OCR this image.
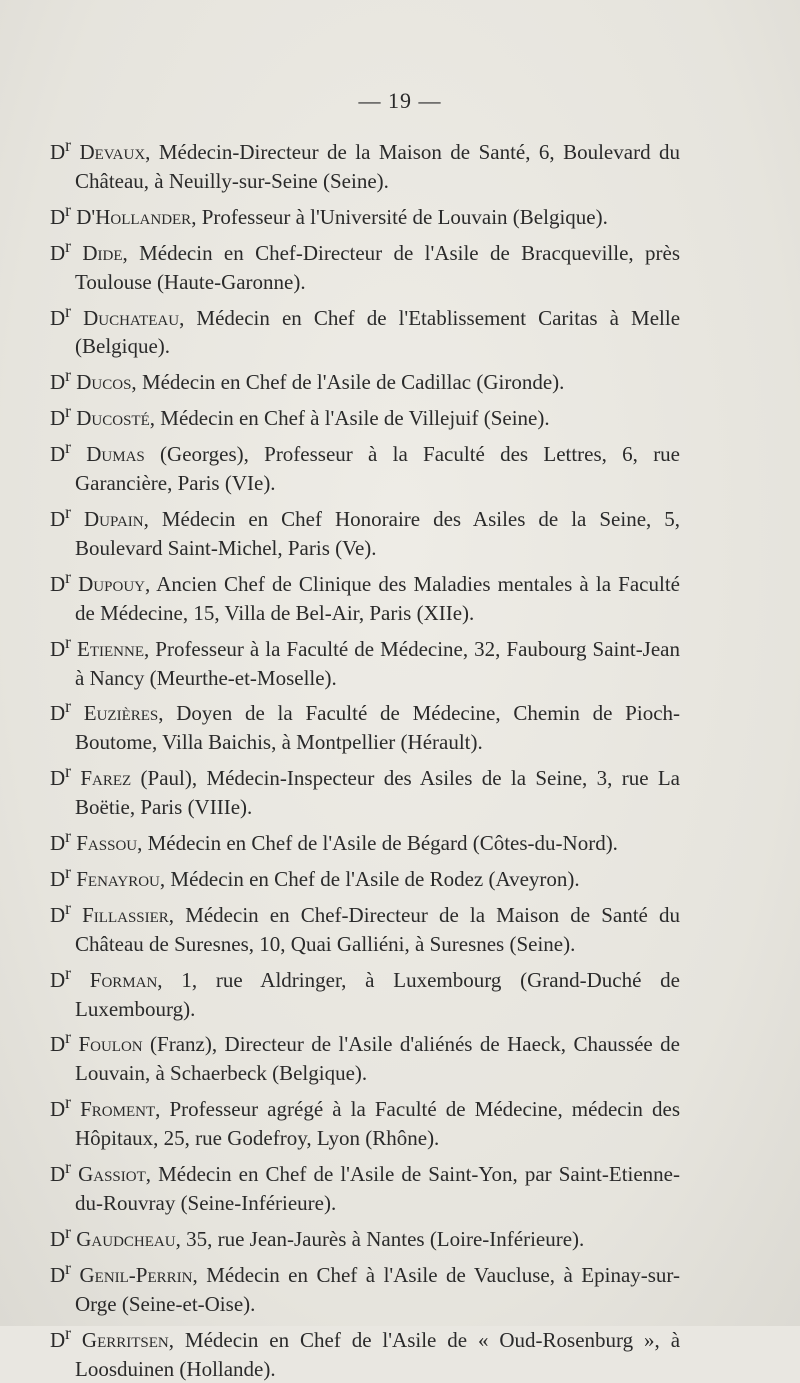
— 19 —
$D^r$ Devaux, Médecin-Directeur de la Maison de Santé, 6, Boulevard du Château, à Neuilly-sur-Seine (Seine).
$D^r$ D'Hollander, Professeur à l'Université de Louvain (Belgique).
$D^r$ Dide, Médecin en Chef-Directeur de l'Asile de Bracqueville, près Toulouse (Haute-Garonne).
$D^r$ Duchateau, Médecin en Chef de l'Etablissement Caritas à Melle (Belgique).
$D^r$ Ducos, Médecin en Chef de l'Asile de Cadillac (Gironde).
$D^r$ Ducosté, Médecin en Chef à l'Asile de Villejuif (Seine).
$D^r$ Dumas (Georges), Professeur à la Faculté des Lettres, 6, rue Garancière, Paris (VIe).
$D^r$ Dupain, Médecin en Chef Honoraire des Asiles de la Seine, 5, Boulevard Saint-Michel, Paris (Ve).
$D^r$ Dupouy, Ancien Chef de Clinique des Maladies mentales à la Faculté de Médecine, 15, Villa de Bel-Air, Paris (XIIe).
$D^r$ Etienne, Professeur à la Faculté de Médecine, 32, Faubourg Saint-Jean à Nancy (Meurthe-et-Moselle).
$D^r$ Euzières, Doyen de la Faculté de Médecine, Chemin de Pioch-Boutome, Villa Baichis, à Montpellier (Hérault).
$D^r$ Farez (Paul), Médecin-Inspecteur des Asiles de la Seine, 3, rue La Boëtie, Paris (VIIIe).
$D^r$ Fassou, Médecin en Chef de l'Asile de Bégard (Côtes-du-Nord).
$D^r$ Fenayrou, Médecin en Chef de l'Asile de Rodez (Aveyron).
$D^r$ Fillassier, Médecin en Chef-Directeur de la Maison de Santé du Château de Suresnes, 10, Quai Galliéni, à Suresnes (Seine).
$D^r$ Forman, 1, rue Aldringer, à Luxembourg (Grand-Duché de Luxembourg).
$D^r$ Foulon (Franz), Directeur de l'Asile d'aliénés de Haeck, Chaussée de Louvain, à Schaerbeck (Belgique).
$D^r$ Froment, Professeur agrégé à la Faculté de Médecine, médecin des Hôpitaux, 25, rue Godefroy, Lyon (Rhône).
$D^r$ Gassiot, Médecin en Chef de l'Asile de Saint-Yon, par Saint-Etienne-du-Rouvray (Seine-Inférieure).
$D^r$ Gaudcheau, 35, rue Jean-Jaurès à Nantes (Loire-Inférieure).
$D^r$ Genil-Perrin, Médecin en Chef à l'Asile de Vaucluse, à Epinay-sur-Orge (Seine-et-Oise).
$D^r$ Gerritsen, Médecin en Chef de l'Asile de « Oud-Rosenburg », à Loosduinen (Hollande).
